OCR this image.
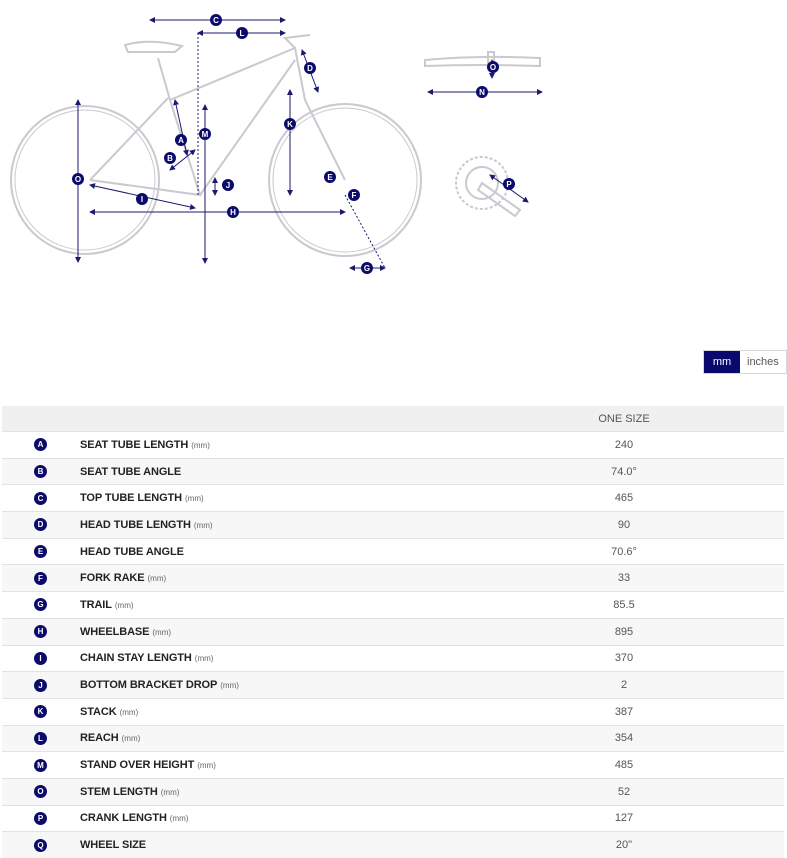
C
L
D
K
E
F
G
A
B
M
J
O
I
H
O
N
P
mm	inches
		ONE SIZE
A	SEAT TUBE LENGTH (mm)	240

B	SEAT TUBE ANGLE	74.0°

C	TOP TUBE LENGTH (mm)	465

D	HEAD TUBE LENGTH (mm)	90

E	HEAD TUBE ANGLE	70.6°

F	FORK RAKE (mm)	33

G	TRAIL (mm)	85.5

H	WHEELBASE (mm)	895

I	CHAIN STAY LENGTH (mm)	370

J	BOTTOM BRACKET DROP (mm)	2

K	STACK (mm)	387

L	REACH (mm)	354

M	STAND OVER HEIGHT (mm)	485

O	STEM LENGTH (mm)	52

P	CRANK LENGTH (mm)	127

Q	WHEEL SIZE	20"
